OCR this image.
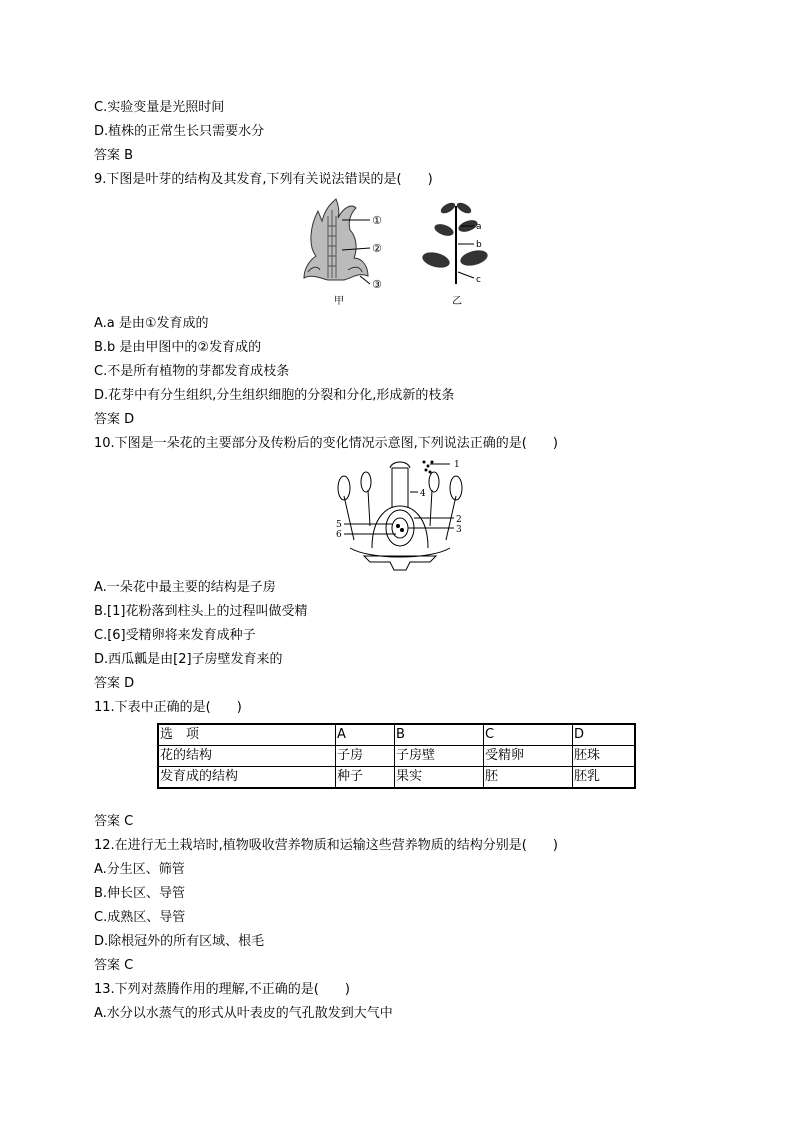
C.实验变量是光照时间
D.植株的正常生长只需要水分
答案 B
9.下图是叶芽的结构及其发育,下列有关说法错误的是(　　)
①
②
③
甲
a
b
c
乙
A.a 是由①发育成的
B.b 是由甲图中的②发育成的
C.不是所有植物的芽都发育成枝条
D.花芽中有分生组织,分生组织细胞的分裂和分化,形成新的枝条
答案 D
10.下图是一朵花的主要部分及传粉后的变化情况示意图,下列说法正确的是(　　)
1
4
2
3
5
6
A.一朵花中最主要的结构是子房
B.[1]花粉落到柱头上的过程叫做受精
C.[6]受精卵将来发育成种子
D.西瓜瓤是由[2]子房壁发育来的
答案 D
11.下表中正确的是(　　)
选　项	A	B	C	D
花的结构	子房	子房壁	受精卵	胚珠
发育成的结构	种子	果实	胚	胚乳
答案 C
12.在进行无土栽培时,植物吸收营养物质和运输这些营养物质的结构分别是(　　)
A.分生区、筛管
B.伸长区、导管
C.成熟区、导管
D.除根冠外的所有区域、根毛
答案 C
13.下列对蒸腾作用的理解,不正确的是(　　)
A.水分以水蒸气的形式从叶表皮的气孔散发到大气中
